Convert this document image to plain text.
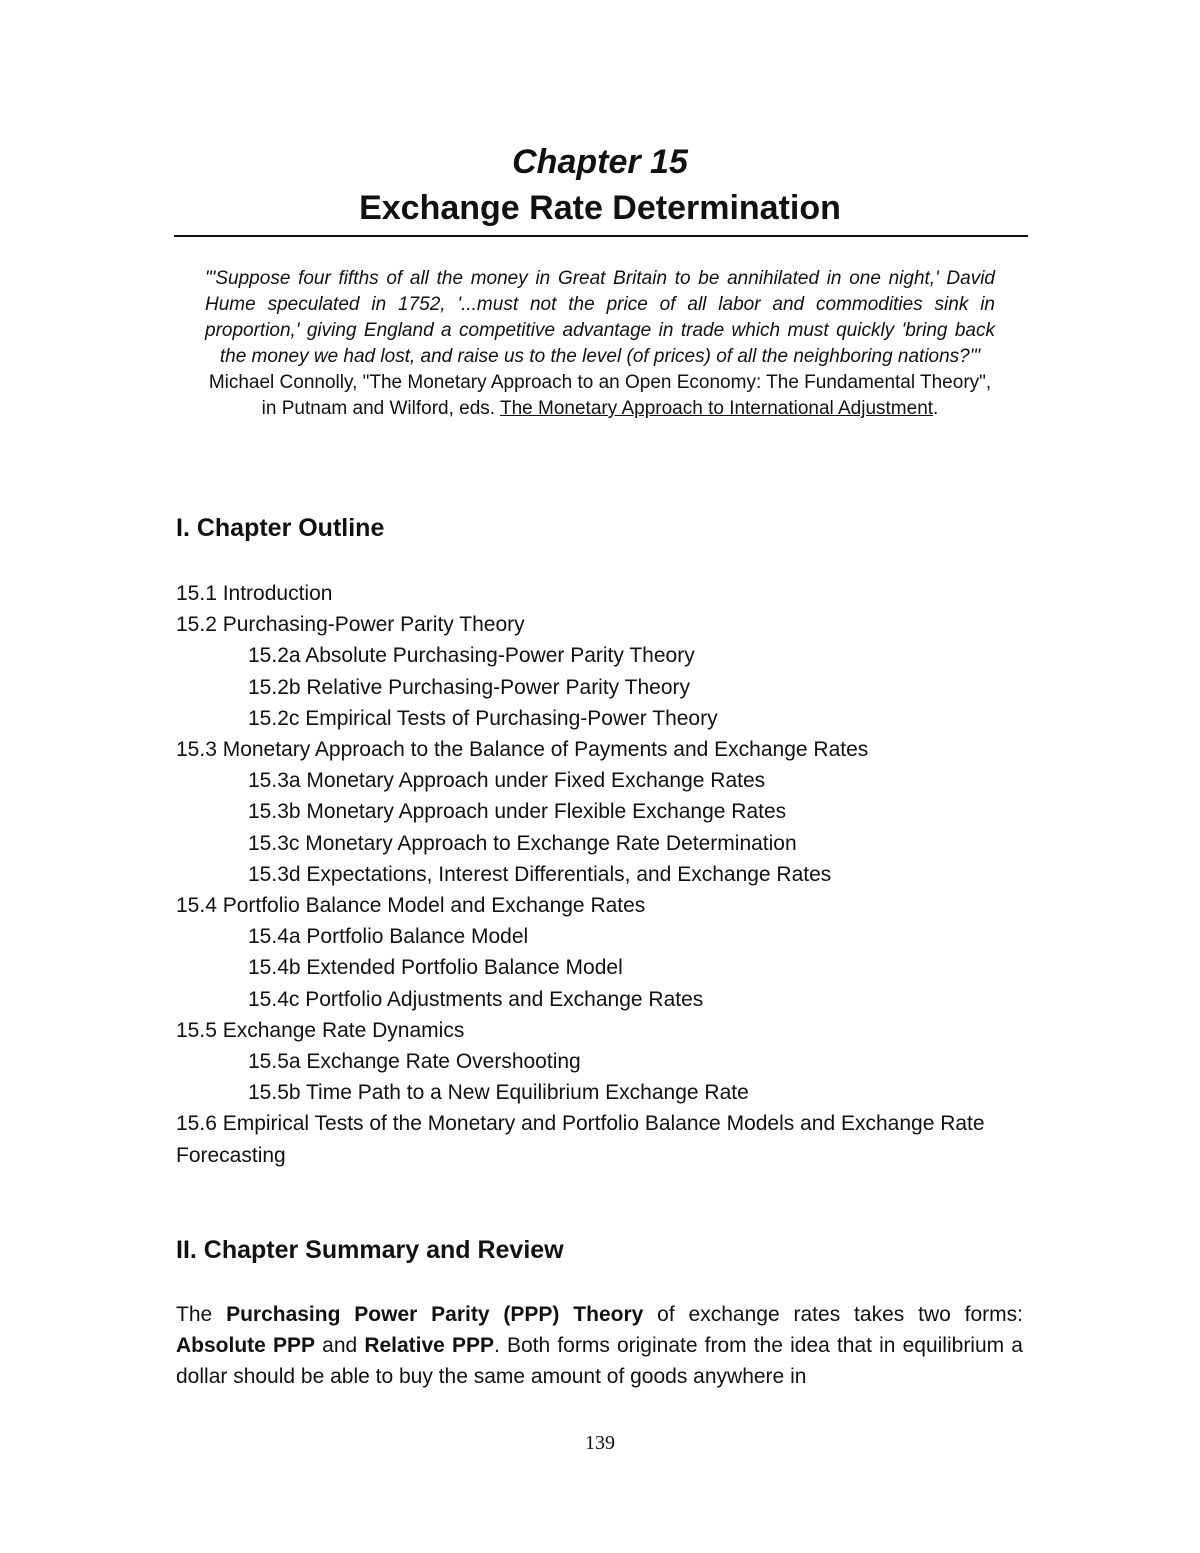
Chapter 15
Exchange Rate Determination
"'Suppose four fifths of all the money in Great Britain to be annihilated in one night,' David Hume speculated in 1752, '...must not the price of all labor and commodities sink in proportion,' giving England a competitive advantage in trade which must quickly 'bring back the money we had lost, and raise us to the level (of prices) of all the neighboring nations?'"
Michael Connolly, "The Monetary Approach to an Open Economy: The Fundamental Theory", in Putnam and Wilford, eds. The Monetary Approach to International Adjustment.
I. Chapter Outline
15.1 Introduction
15.2 Purchasing-Power Parity Theory
15.2a Absolute Purchasing-Power Parity Theory
15.2b Relative Purchasing-Power Parity Theory
15.2c Empirical Tests of Purchasing-Power Theory
15.3 Monetary Approach to the Balance of Payments and Exchange Rates
15.3a Monetary Approach under Fixed Exchange Rates
15.3b Monetary Approach under Flexible Exchange Rates
15.3c Monetary Approach to Exchange Rate Determination
15.3d Expectations, Interest Differentials, and Exchange Rates
15.4 Portfolio Balance Model and Exchange Rates
15.4a Portfolio Balance Model
15.4b Extended Portfolio Balance Model
15.4c Portfolio Adjustments and Exchange Rates
15.5 Exchange Rate Dynamics
15.5a Exchange Rate Overshooting
15.5b Time Path to a New Equilibrium Exchange Rate
15.6 Empirical Tests of the Monetary and Portfolio Balance Models and Exchange Rate Forecasting
II. Chapter Summary and Review

The Purchasing Power Parity (PPP) Theory of exchange rates takes two forms: Absolute PPP and Relative PPP. Both forms originate from the idea that in equilibrium a dollar should be able to buy the same amount of goods anywhere in

139
